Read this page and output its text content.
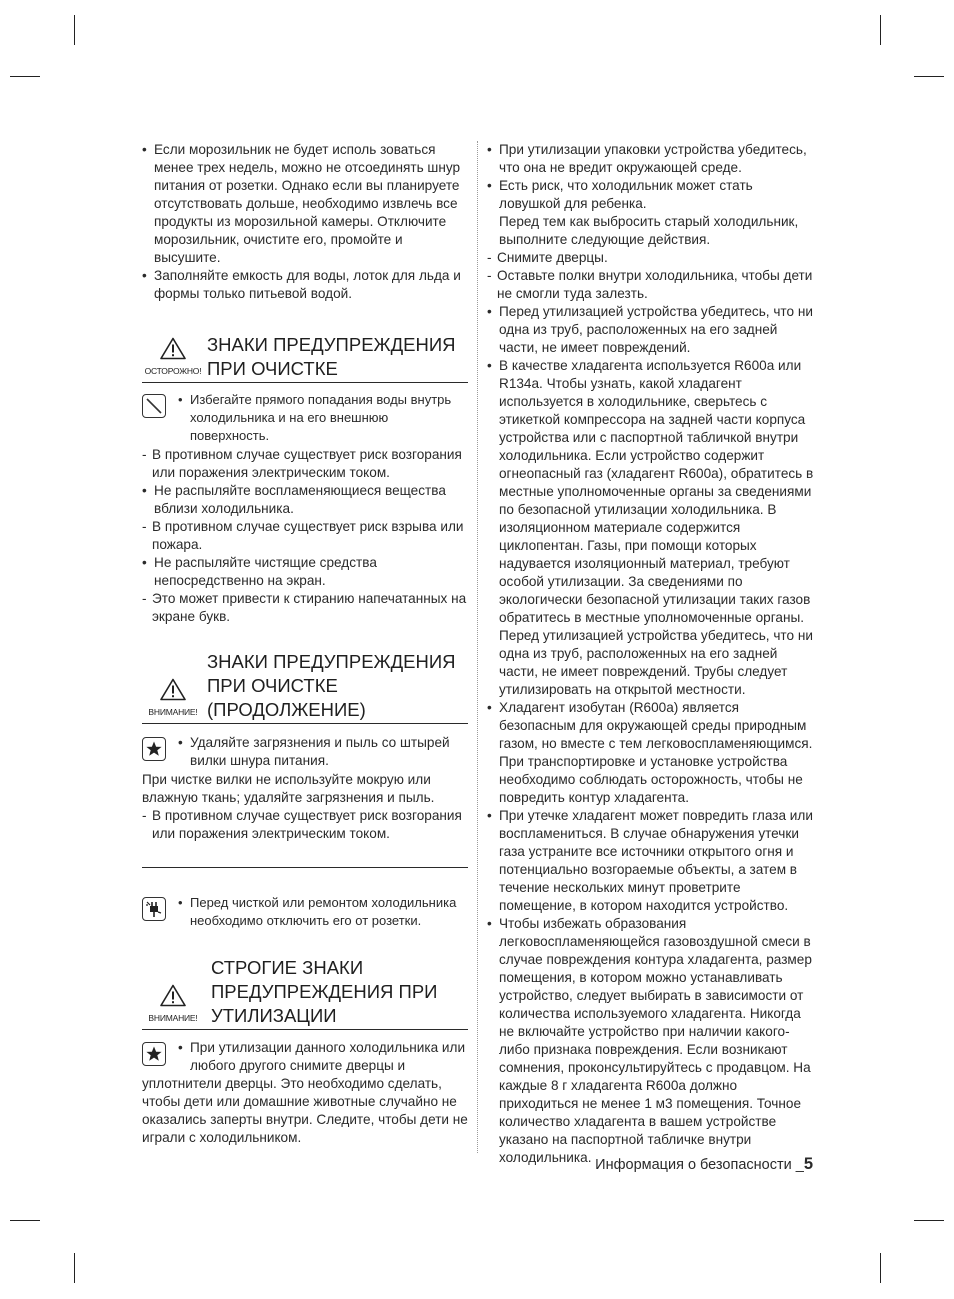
• Если морозильник не будет исполь зоваться менее трех недель, можно не отсоединять шнур питания от розетки. Однако если вы планируете отсутствовать дольше, необходимо извлечь все продукты из морозильной камеры. Отключите морозильник, очистите его, промойте и высушите.

• Заполняйте емкость для воды, лоток для льда и формы только питьевой водой.

ОСТОРОЖНО!
ЗНАКИ ПРЕДУПРЕЖДЕНИЯ
ПРИ ОЧИСТКЕ

• Избегайте прямого попадания воды внутрь холодильника и на его внешнюю поверхность.

- В противном случае существует риск возгорания или поражения электрическим током.

• Не распыляйте воспламеняющиеся вещества вблизи холодильника.

- В противном случае существует риск взрыва или пожара.

• Не распыляйте чистящие средства непосредственно на экран.

- Это может привести к стиранию напечатанных на экране букв.

ВНИМАНИЕ!
ЗНАКИ ПРЕДУПРЕЖДЕНИЯ
ПРИ ОЧИСТКЕ
(ПРОДОЛЖЕНИЕ)

• Удаляйте загрязнения и пыль со штырей вилки шнура питания.

При чистке вилки не используйте мокрую или влажную ткань; удаляйте загрязнения и пыль.

- В противном случае существует риск возгорания или поражения электрическим током.

• Перед чисткой или ремонтом холодильника необходимо отключить его от розетки.

ВНИМАНИЕ!
СТРОГИЕ ЗНАКИ
ПРЕДУПРЕЖДЕНИЯ ПРИ
УТИЛИЗАЦИИ

• При утилизации данного холодильника или любого другого снимите дверцы и

уплотнители дверцы. Это необходимо сделать, чтобы дети или домашние животные случайно не оказались заперты внутри. Следите, чтобы дети не играли с холодильником.

• При утилизации упаковки устройства убедитесь, что она не вредит окружающей среде.

• Есть риск, что холодильник может стать ловушкой для ребенка.

Перед тем как выбросить старый холодильник, выполните следующие действия.

- Снимите дверцы.

- Оставьте полки внутри холодильника, чтобы дети не смогли туда залезть.

• Перед утилизацией устройства убедитесь, что ни одна из труб, расположенных на его задней части, не имеет повреждений.

• В качестве хладагента используется R600a или R134a. Чтобы узнать, какой хладагент используется в холодильнике, сверьтесь с этикеткой компрессора на задней части корпуса устройства или с паспортной табличкой внутри холодильника. Если устройство содержит огнеопасный газ (хладагент R600a), обратитесь в местные уполномоченные органы за сведениями по безопасной утилизации холодильника. В изоляционном материале содержится циклопентан. Газы, при помощи которых надувается изоляционный материал, требуют особой утилизации. За сведениями по экологически безопасной утилизации таких газов обратитесь в местные уполномоченные органы. Перед утилизацией устройства убедитесь, что ни одна из труб, расположенных на его задней части, не имеет повреждений. Трубы следует утилизировать на открытой местности.

• Хладагент изобутан (R600a) является безопасным для окружающей среды природным газом, но вместе с тем легковоспламеняющимся. При транспортировке и установке устройства необходимо соблюдать осторожность, чтобы не повредить контур хладагента.

• При утечке хладагент может повредить глаза или воспламениться. В случае обнаружения утечки газа устраните все источники открытого огня и потенциально возгораемые объекты, а затем в течение нескольких минут проветрите помещение, в котором находится устройство.

• Чтобы избежать образования легковоспламеняющейся газовоздушной смеси в случае повреждения контура хладагента, размер помещения, в котором можно устанавливать устройство, следует выбирать в зависимости от количества используемого хладагента. Никогда не включайте устройство при наличии какого-либо признака повреждения. Если возникают сомнения, проконсультируйтесь с продавцом. На каждые 8 г хладагента R600a должно приходиться не менее 1 м3 помещения. Точное количество хладагента в вашем устройстве указано на паспортной табличке внутри холодильника. Информация о безопасности _5
